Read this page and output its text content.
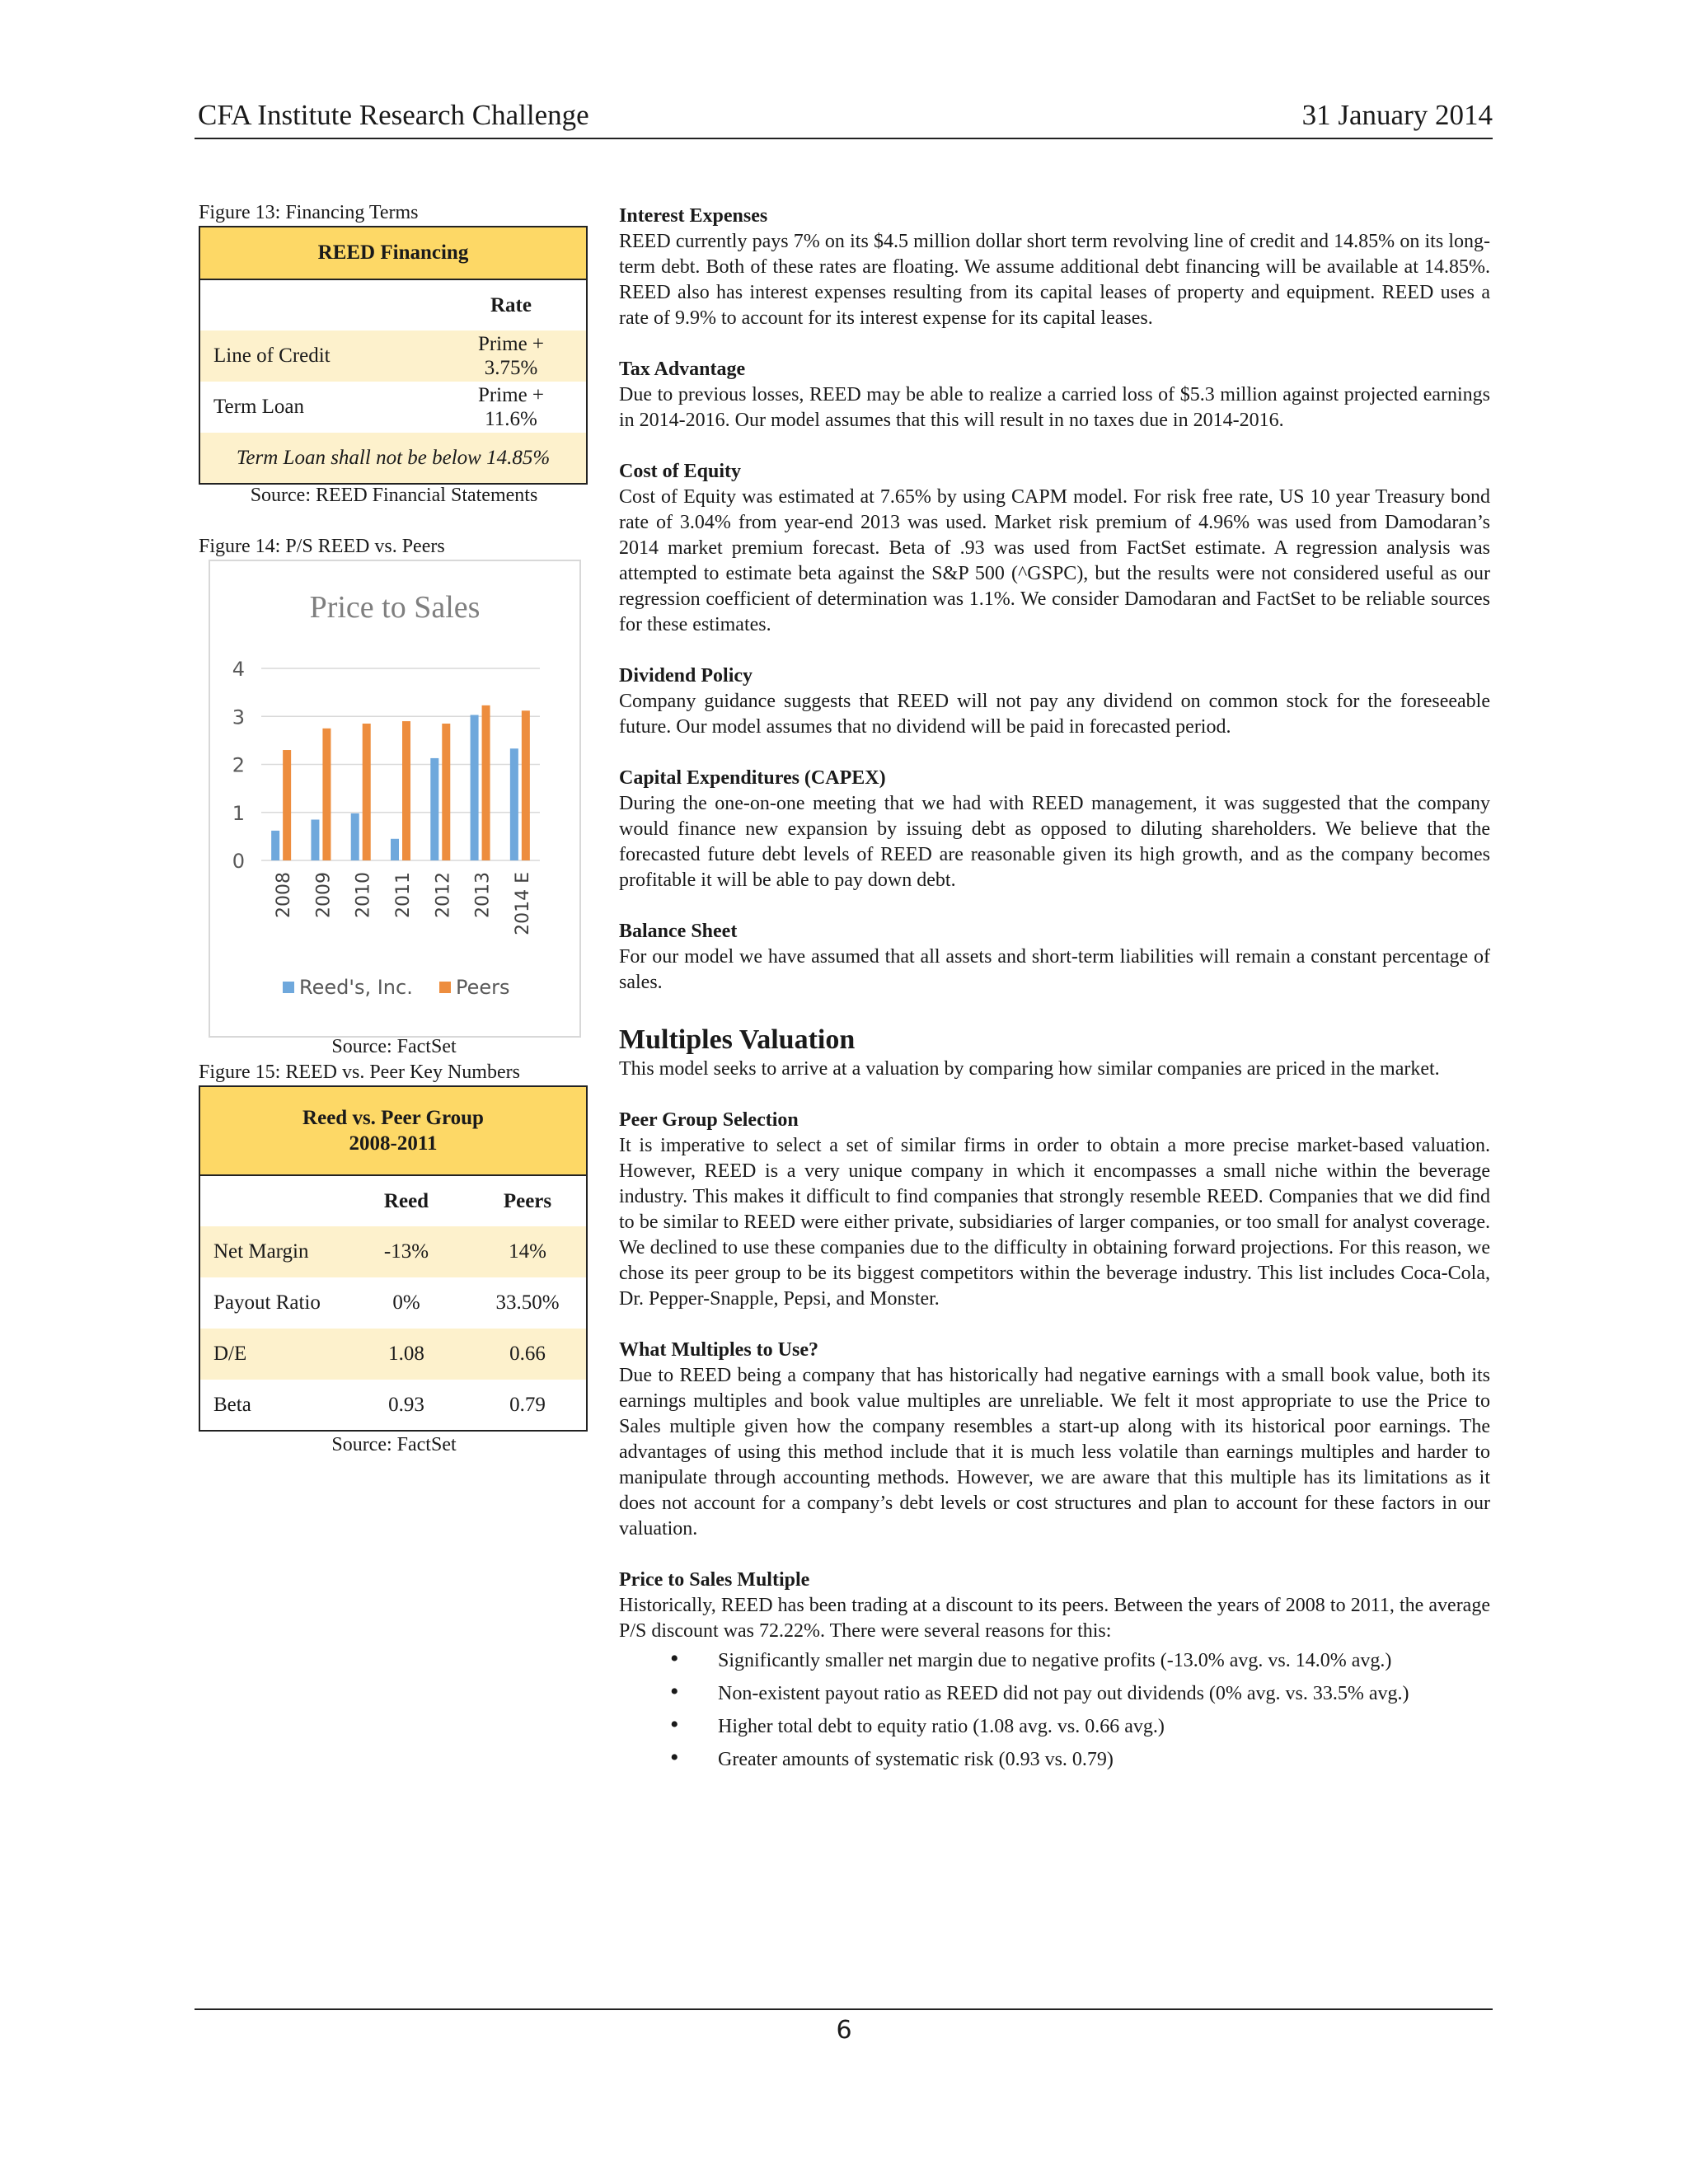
CFA Institute Research Challenge	31 January 2014
Figure 13: Financing Terms
REED Financing	
	Rate
Line of Credit	Prime +
3.75%

Term Loan	Prime +
11.6%

Term Loan shall not be below 14.85%	
Source: REED Financial Statements
Figure 14: P/S REED vs. Peers
Price to Sales
0
1
2
3
4
2008 2009 2010 2011 2012 2013 2014 E
Reed's, Inc. Peers
Source: FactSet
Figure 15: REED vs. Peer Key Numbers
Reed vs. Peer Group
2008-2011		

	Reed	Peers
Net Margin	-13%	14%
Payout Ratio	0%	33.50%
D/E	1.08	0.66
Beta	0.93	0.79
Source: FactSet
Interest Expenses

REED currently pays 7% on its $4.5 million dollar short term revolving line of credit and 14.85% on its long-term debt. Both of these rates are floating. We assume additional debt financing will be available at 14.85%. REED also has interest expenses resulting from its capital leases of property and equipment. REED uses a rate of 9.9% to account for its interest expense for its capital leases.

Tax Advantage

Due to previous losses, REED may be able to realize a carried loss of $5.3 million against projected earnings in 2014-2016. Our model assumes that this will result in no taxes due in 2014-2016.

Cost of Equity

Cost of Equity was estimated at 7.65% by using CAPM model. For risk free rate, US 10 year Treasury bond rate of 3.04% from year-end 2013 was used. Market risk premium of 4.96% was used from Damodaran’s 2014 market premium forecast. Beta of .93 was used from FactSet estimate. A regression analysis was attempted to estimate beta against the S&P 500 (^GSPC), but the results were not considered useful as our regression coefficient of determination was 1.1%. We consider Damodaran and FactSet to be reliable sources for these estimates.

Dividend Policy

Company guidance suggests that REED will not pay any dividend on common stock for the foreseeable future. Our model assumes that no dividend will be paid in forecasted period.

Capital Expenditures (CAPEX)

During the one-on-one meeting that we had with REED management, it was suggested that the company would finance new expansion by issuing debt as opposed to diluting shareholders. We believe that the forecasted future debt levels of REED are reasonable given its high growth, and as the company becomes profitable it will be able to pay down debt.

Balance Sheet

For our model we have assumed that all assets and short-term liabilities will remain a constant percentage of sales.

Multiples Valuation

This model seeks to arrive at a valuation by comparing how similar companies are priced in the market.

Peer Group Selection

It is imperative to select a set of similar firms in order to obtain a more precise market-based valuation. However, REED is a very unique company in which it encompasses a small niche within the beverage industry. This makes it difficult to find companies that strongly resemble REED. Companies that we did find to be similar to REED were either private, subsidiaries of larger companies, or too small for analyst coverage. We declined to use these companies due to the difficulty in obtaining forward projections. For this reason, we chose its peer group to be its biggest competitors within the beverage industry. This list includes Coca-Cola, Dr. Pepper-Snapple, Pepsi, and Monster.

What Multiples to Use?

Due to REED being a company that has historically had negative earnings with a small book value, both its earnings multiples and book value multiples are unreliable. We felt it most appropriate to use the Price to Sales multiple given how the company resembles a start-up along with its historical poor earnings. The advantages of using this method include that it is much less volatile than earnings multiples and harder to manipulate through accounting methods. However, we are aware that this multiple has its limitations as it does not account for a company’s debt levels or cost structures and plan to account for these factors in our valuation.

Price to Sales Multiple

Historically, REED has been trading at a discount to its peers. Between the years of 2008 to 2011, the average P/S discount was 72.22%. There were several reasons for this:

• Significantly smaller net margin due to negative profits (-13.0% avg. vs. 14.0% avg.)
• Non-existent payout ratio as REED did not pay out dividends (0% avg. vs. 33.5% avg.)
• Higher total debt to equity ratio (1.08 avg. vs. 0.66 avg.)
• Greater amounts of systematic risk (0.93 vs. 0.79)
6
